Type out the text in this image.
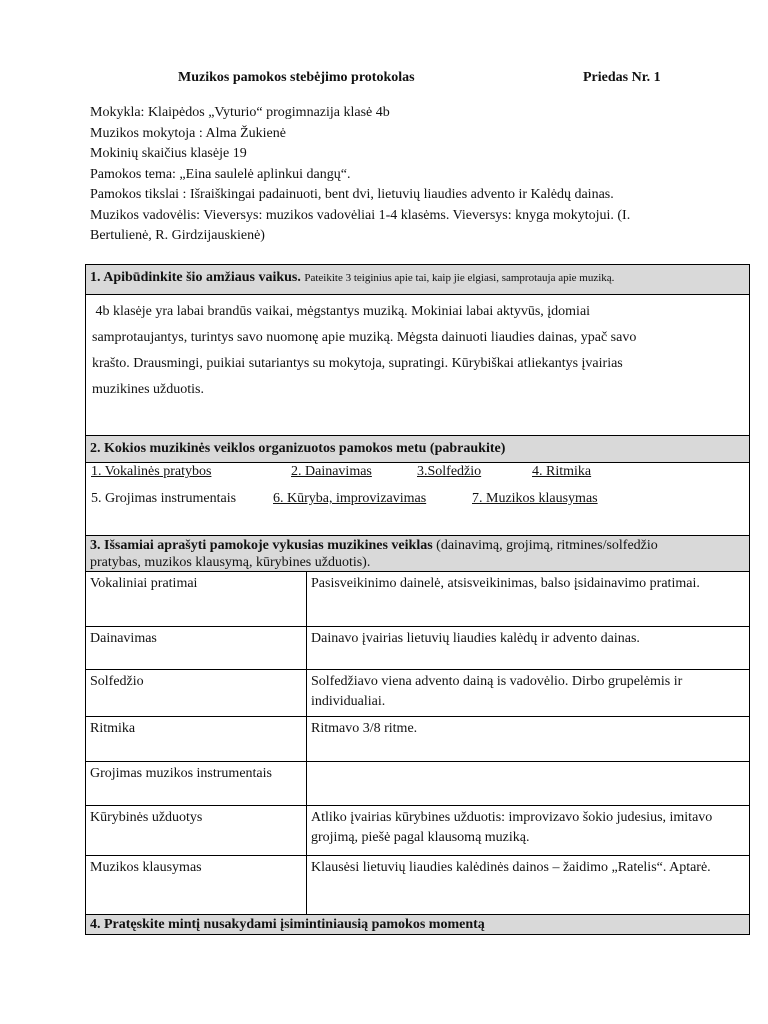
Muzikos pamokos stebėjimo protokolas	Priedas Nr. 1
Mokykla: Klaipėdos „Vyturio“ progimnazija klasė 4b
Muzikos mokytoja : Alma Žukienė
Mokinių skaičius klasėje 19
Pamokos tema: „Eina saulelė aplinkui dangų“.
Pamokos tikslai : Išraiškingai padainuoti, bent dvi, lietuvių liaudies advento ir Kalėdų dainas.
Muzikos vadovėlis: Vieversys: muzikos vadovėliai 1-4 klasėms. Vieversys: knyga mokytojui. (I.
Bertulienė, R. Girdzijauskienė)
1. Apibūdinkite šio amžiaus vaikus. Pateikite 3 teiginius apie tai, kaip jie elgiasi, samprotauja apie muziką.
4b klasėje yra labai brandūs vaikai, mėgstantys muziką. Mokiniai labai aktyvūs, įdomiai
samprotaujantys, turintys savo nuomonę apie muziką. Mėgsta dainuoti liaudies dainas, ypač savo
krašto. Drausmingi, puikiai sutariantys su mokytoja, supratingi. Kūrybiškai atliekantys įvairias
muzikines užduotis.
2. Kokios muzikinės veiklos organizuotos pamokos metu (pabraukite)
1. Vokalinės pratybos	2. Dainavimas	3.Solfedžio	4. Ritmika
5. Grojimas instrumentais	6. Kūryba, improvizavimas	7. Muzikos klausymas
3. Išsamiai aprašyti pamokoje vykusias muzikines veiklas (dainavimą, grojimą, ritmines/solfedžio
pratybas, muzikos klausymą, kūrybines užduotis).
Vokaliniai pratimai	Pasisveikinimo dainelė, atsisveikinimas, balso įsidainavimo pratimai.
Dainavimas	Dainavo įvairias lietuvių liaudies kalėdų ir advento dainas.
Solfedžio	Solfedžiavo viena advento dainą is vadovėlio. Dirbo grupelėmis ir individualiai.
Ritmika	Ritmavo 3/8 ritme.
Grojimas muzikos instrumentais	
Kūrybinės užduotys	Atliko įvairias kūrybines užduotis: improvizavo šokio judesius, imitavo grojimą, piešė pagal klausomą muziką.
Muzikos klausymas	Klausėsi lietuvių liaudies kalėdinės dainos – žaidimo „Ratelis“. Aptarė.
4. Pratęskite mintį nusakydami įsimintiniausią pamokos momentą
